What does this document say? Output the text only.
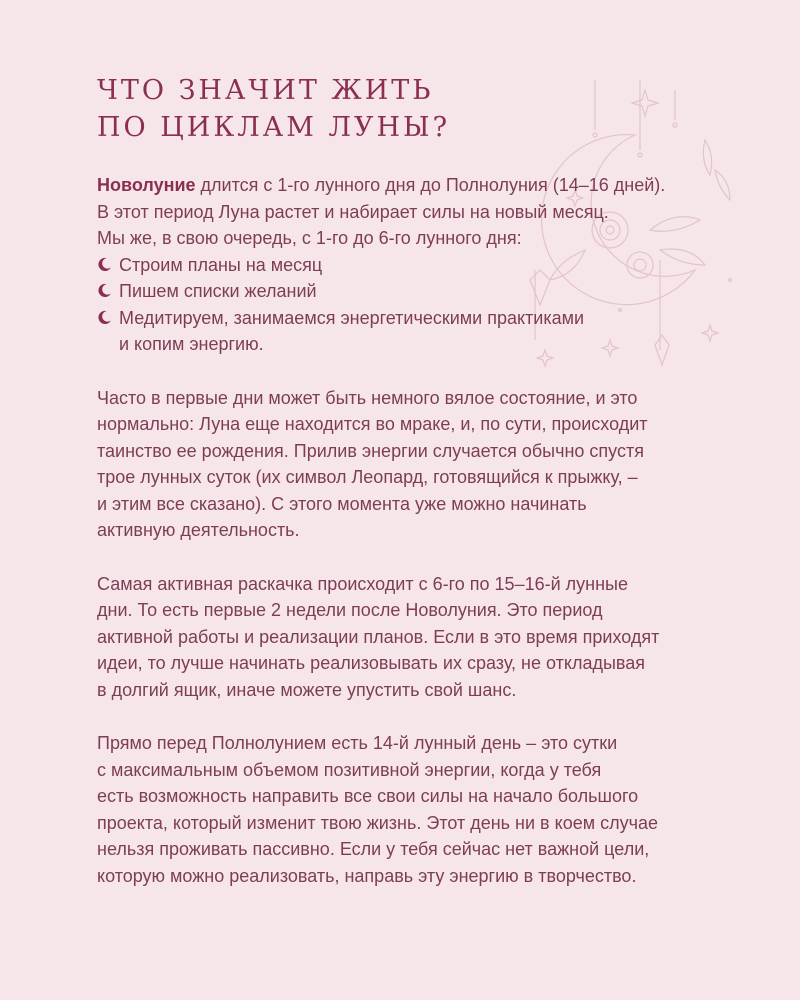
ЧТО ЗНАЧИТ ЖИТЬ
ПО ЦИКЛАМ ЛУНЫ?

Новолуние длится с 1-го лунного дня до Полнолуния (14–16 дней).
В этот период Луна растет и набирает силы на новый месяц.
Мы же, в свою очередь, с 1-го до 6-го лунного дня:

Строим планы на месяц
Пишем списки желаний
Медитируем, занимаемся энергетическими практиками
и копим энергию.

Часто в первые дни может быть немного вялое состояние, и это
нормально: Луна еще находится во мраке, и, по сути, происходит
таинство ее рождения. Прилив энергии случается обычно спустя
трое лунных суток (их символ Леопард, готовящийся к прыжку, –
и этим все сказано). С этого момента уже можно начинать
активную деятельность.

Самая активная раскачка происходит с 6-го по 15–16-й лунные
дни. То есть первые 2 недели после Новолуния. Это период
активной работы и реализации планов. Если в это время приходят
идеи, то лучше начинать реализовывать их сразу, не откладывая
в долгий ящик, иначе можете упустить свой шанс.

Прямо перед Полнолунием есть 14-й лунный день – это сутки
с максимальным объемом позитивной энергии, когда у тебя
есть возможность направить все свои силы на начало большого
проекта, который изменит твою жизнь. Этот день ни в коем случае
нельзя проживать пассивно. Если у тебя сейчас нет важной цели,
которую можно реализовать, направь эту энергию в творчество.
